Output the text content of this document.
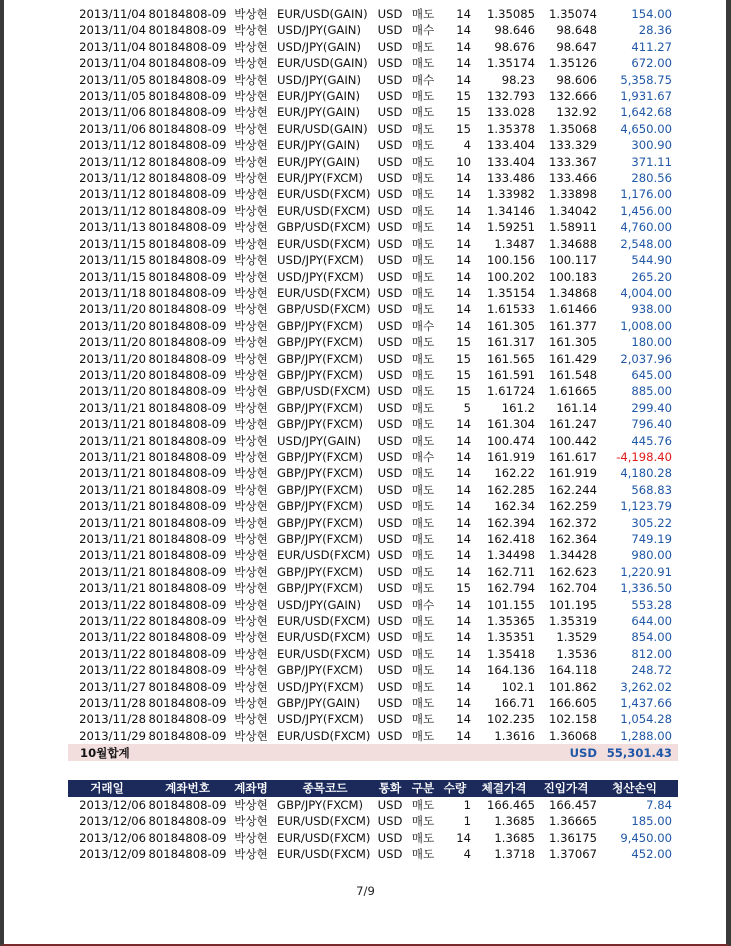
2013/11/04	80184808-09	박상현	EUR/USD(GAIN)	USD	매도	14	1.35085	1.35074	154.00
2013/11/04	80184808-09	박상현	USD/JPY(GAIN)	USD	매수	14	98.646	98.648	28.36
2013/11/04	80184808-09	박상현	USD/JPY(GAIN)	USD	매도	14	98.676	98.647	411.27
2013/11/04	80184808-09	박상현	EUR/USD(GAIN)	USD	매도	14	1.35174	1.35126	672.00
2013/11/05	80184808-09	박상현	USD/JPY(GAIN)	USD	매수	14	98.23	98.606	5,358.75
2013/11/05	80184808-09	박상현	EUR/JPY(GAIN)	USD	매도	15	132.793	132.666	1,931.67
2013/11/06	80184808-09	박상현	EUR/JPY(GAIN)	USD	매도	15	133.028	132.92	1,642.68
2013/11/06	80184808-09	박상현	EUR/USD(GAIN)	USD	매도	15	1.35378	1.35068	4,650.00
2013/11/12	80184808-09	박상현	EUR/JPY(GAIN)	USD	매도	4	133.404	133.329	300.90
2013/11/12	80184808-09	박상현	EUR/JPY(GAIN)	USD	매도	10	133.404	133.367	371.11
2013/11/12	80184808-09	박상현	EUR/JPY(FXCM)	USD	매도	14	133.486	133.466	280.56
2013/11/12	80184808-09	박상현	EUR/USD(FXCM)	USD	매도	14	1.33982	1.33898	1,176.00
2013/11/12	80184808-09	박상현	EUR/USD(FXCM)	USD	매도	14	1.34146	1.34042	1,456.00
2013/11/13	80184808-09	박상현	GBP/USD(FXCM)	USD	매도	14	1.59251	1.58911	4,760.00
2013/11/15	80184808-09	박상현	EUR/USD(FXCM)	USD	매도	14	1.3487	1.34688	2,548.00
2013/11/15	80184808-09	박상현	USD/JPY(FXCM)	USD	매도	14	100.156	100.117	544.90
2013/11/15	80184808-09	박상현	USD/JPY(FXCM)	USD	매도	14	100.202	100.183	265.20
2013/11/18	80184808-09	박상현	EUR/USD(FXCM)	USD	매도	14	1.35154	1.34868	4,004.00
2013/11/20	80184808-09	박상현	GBP/USD(FXCM)	USD	매도	14	1.61533	1.61466	938.00
2013/11/20	80184808-09	박상현	GBP/JPY(FXCM)	USD	매수	14	161.305	161.377	1,008.00
2013/11/20	80184808-09	박상현	GBP/JPY(FXCM)	USD	매도	15	161.317	161.305	180.00
2013/11/20	80184808-09	박상현	GBP/JPY(FXCM)	USD	매도	15	161.565	161.429	2,037.96
2013/11/20	80184808-09	박상현	GBP/JPY(FXCM)	USD	매도	15	161.591	161.548	645.00
2013/11/20	80184808-09	박상현	GBP/USD(FXCM)	USD	매도	15	1.61724	1.61665	885.00
2013/11/21	80184808-09	박상현	GBP/JPY(FXCM)	USD	매도	5	161.2	161.14	299.40
2013/11/21	80184808-09	박상현	GBP/JPY(FXCM)	USD	매도	14	161.304	161.247	796.40
2013/11/21	80184808-09	박상현	USD/JPY(GAIN)	USD	매도	14	100.474	100.442	445.76
2013/11/21	80184808-09	박상현	GBP/JPY(FXCM)	USD	매수	14	161.919	161.617	-4,198.40
2013/11/21	80184808-09	박상현	GBP/JPY(FXCM)	USD	매도	14	162.22	161.919	4,180.28
2013/11/21	80184808-09	박상현	GBP/JPY(FXCM)	USD	매도	14	162.285	162.244	568.83
2013/11/21	80184808-09	박상현	GBP/JPY(FXCM)	USD	매도	14	162.34	162.259	1,123.79
2013/11/21	80184808-09	박상현	GBP/JPY(FXCM)	USD	매도	14	162.394	162.372	305.22
2013/11/21	80184808-09	박상현	GBP/JPY(FXCM)	USD	매도	14	162.418	162.364	749.19
2013/11/21	80184808-09	박상현	EUR/USD(FXCM)	USD	매도	14	1.34498	1.34428	980.00
2013/11/21	80184808-09	박상현	GBP/JPY(FXCM)	USD	매도	14	162.711	162.623	1,220.91
2013/11/21	80184808-09	박상현	GBP/JPY(FXCM)	USD	매도	15	162.794	162.704	1,336.50
2013/11/22	80184808-09	박상현	USD/JPY(GAIN)	USD	매수	14	101.155	101.195	553.28
2013/11/22	80184808-09	박상현	EUR/USD(FXCM)	USD	매도	14	1.35365	1.35319	644.00
2013/11/22	80184808-09	박상현	EUR/USD(FXCM)	USD	매도	14	1.35351	1.3529	854.00
2013/11/22	80184808-09	박상현	EUR/USD(FXCM)	USD	매도	14	1.35418	1.3536	812.00
2013/11/22	80184808-09	박상현	GBP/JPY(FXCM)	USD	매도	14	164.136	164.118	248.72
2013/11/27	80184808-09	박상현	USD/JPY(FXCM)	USD	매도	14	102.1	101.862	3,262.02
2013/11/28	80184808-09	박상현	GBP/JPY(GAIN)	USD	매도	14	166.71	166.605	1,437.66
2013/11/28	80184808-09	박상현	USD/JPY(FXCM)	USD	매도	14	102.235	102.158	1,054.28
2013/11/29	80184808-09	박상현	EUR/USD(FXCM)	USD	매도	14	1.3616	1.36068	1,288.00
10월합계								USD	55,301.43
거래일	계좌번호	계좌명	종목코드	통화	구분	수량	체결가격	진입가격	청산손익
2013/12/06	80184808-09	박상현	GBP/JPY(FXCM)	USD	매도	1	166.465	166.457	7.84
2013/12/06	80184808-09	박상현	EUR/USD(FXCM)	USD	매도	1	1.3685	1.36665	185.00
2013/12/06	80184808-09	박상현	EUR/USD(FXCM)	USD	매도	14	1.3685	1.36175	9,450.00
2013/12/09	80184808-09	박상현	EUR/USD(FXCM)	USD	매도	4	1.3718	1.37067	452.00
7/9
